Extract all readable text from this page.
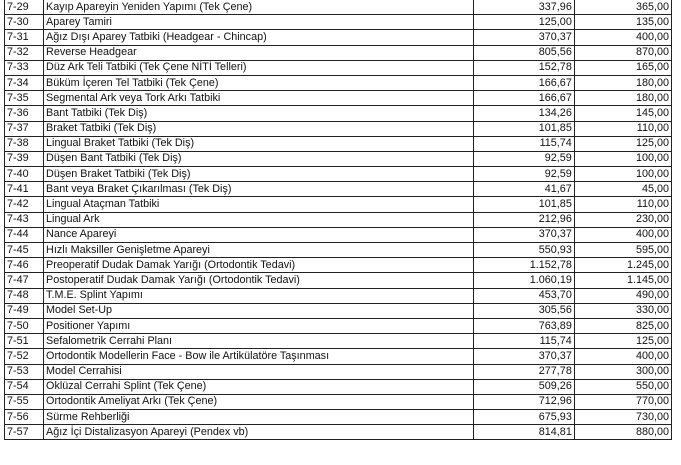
7-29	Kayıp Apareyin Yeniden Yapımı (Tek Çene)	337,96	365,00
7-30	Aparey Tamiri	125,00	135,00
7-31	Ağız Dışı Aparey Tatbiki (Headgear - Chincap)	370,37	400,00
7-32	Reverse Headgear	805,56	870,00
7-33	Düz Ark Teli Tatbiki (Tek Çene NİTİ Telleri)	152,78	165,00
7-34	Büküm İçeren Tel Tatbiki (Tek Çene)	166,67	180,00
7-35	Segmental Ark veya Tork Arkı Tatbiki	166,67	180,00
7-36	Bant Tatbiki (Tek Diş)	134,26	145,00
7-37	Braket Tatbiki (Tek Diş)	101,85	110,00
7-38	Lingual Braket Tatbiki (Tek Diş)	115,74	125,00
7-39	Düşen Bant Tatbiki (Tek Diş)	92,59	100,00
7-40	Düşen Braket Tatbiki (Tek Diş)	92,59	100,00
7-41	Bant veya Braket Çıkarılması (Tek Diş)	41,67	45,00
7-42	Lingual Ataçman Tatbiki	101,85	110,00
7-43	Lingual Ark	212,96	230,00
7-44	Nance Apareyi	370,37	400,00
7-45	Hızlı Maksiller Genişletme Apareyi	550,93	595,00
7-46	Preoperatif Dudak Damak Yarığı (Ortodontik Tedavi)	1.152,78	1.245,00
7-47	Postoperatif Dudak Damak Yarığı (Ortodontik Tedavi)	1.060,19	1.145,00
7-48	T.M.E. Splint Yapımı	453,70	490,00
7-49	Model Set-Up	305,56	330,00
7-50	Positioner Yapımı	763,89	825,00
7-51	Sefalometrik Cerrahi Planı	115,74	125,00
7-52	Ortodontik Modellerin Face - Bow ile Artikülatöre Taşınması	370,37	400,00
7-53	Model Cerrahisi	277,78	300,00
7-54	Oklüzal Cerrahi Splint (Tek Çene)	509,26	550,00
7-55	Ortodontik Ameliyat Arkı (Tek Çene)	712,96	770,00
7-56	Sürme Rehberliği	675,93	730,00
7-57	Ağız İçi Distalizasyon Apareyi (Pendex vb)	814,81	880,00
